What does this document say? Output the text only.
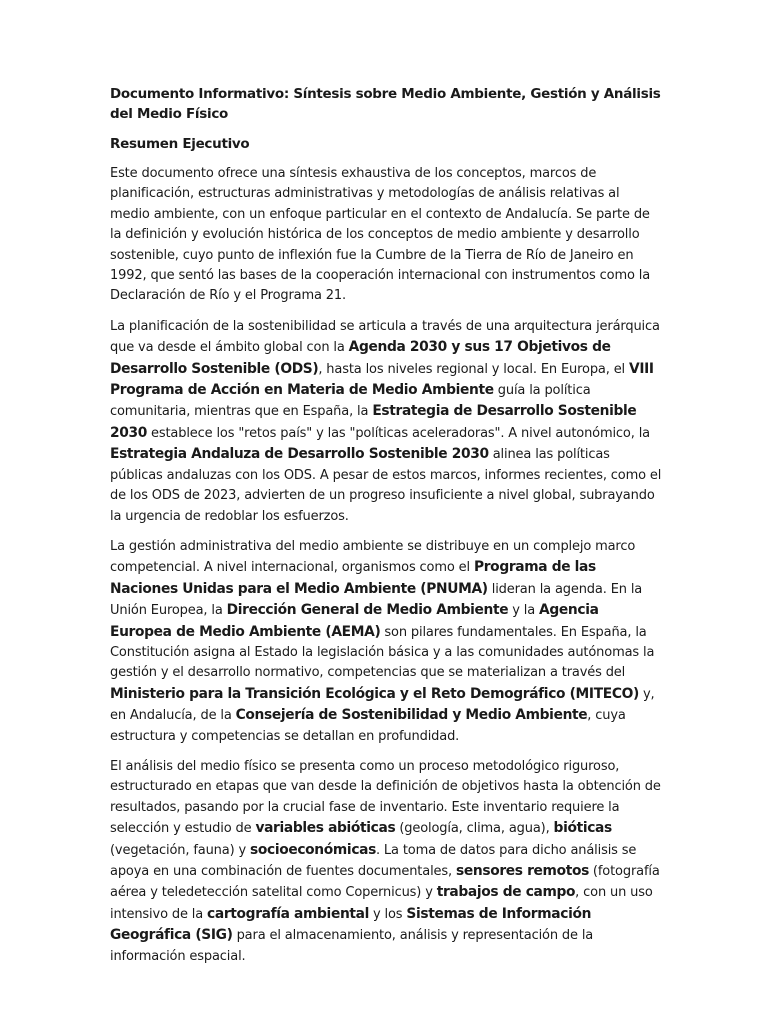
Documento Informativo: Síntesis sobre Medio Ambiente, Gestión y Análisis del Medio Físico
Resumen Ejecutivo

Este documento ofrece una síntesis exhaustiva de los conceptos, marcos de planificación, estructuras administrativas y metodologías de análisis relativas al medio ambiente, con un enfoque particular en el contexto de Andalucía. Se parte de la definición y evolución histórica de los conceptos de medio ambiente y desarrollo sostenible, cuyo punto de inflexión fue la Cumbre de la Tierra de Río de Janeiro en 1992, que sentó las bases de la cooperación internacional con instrumentos como la Declaración de Río y el Programa 21.

La planificación de la sostenibilidad se articula a través de una arquitectura jerárquica que va desde el ámbito global con la Agenda 2030 y sus 17 Objetivos de Desarrollo Sostenible (ODS), hasta los niveles regional y local. En Europa, el VIII Programa de Acción en Materia de Medio Ambiente guía la política comunitaria, mientras que en España, la Estrategia de Desarrollo Sostenible 2030 establece los "retos país" y las "políticas aceleradoras". A nivel autonómico, la Estrategia Andaluza de Desarrollo Sostenible 2030 alinea las políticas públicas andaluzas con los ODS. A pesar de estos marcos, informes recientes, como el de los ODS de 2023, advierten de un progreso insuficiente a nivel global, subrayando la urgencia de redoblar los esfuerzos.

La gestión administrativa del medio ambiente se distribuye en un complejo marco competencial. A nivel internacional, organismos como el Programa de las Naciones Unidas para el Medio Ambiente (PNUMA) lideran la agenda. En la Unión Europea, la Dirección General de Medio Ambiente y la Agencia Europea de Medio Ambiente (AEMA) son pilares fundamentales. En España, la Constitución asigna al Estado la legislación básica y a las comunidades autónomas la gestión y el desarrollo normativo, competencias que se materializan a través del Ministerio para la Transición Ecológica y el Reto Demográfico (MITECO) y, en Andalucía, de la Consejería de Sostenibilidad y Medio Ambiente, cuya estructura y competencias se detallan en profundidad.

El análisis del medio físico se presenta como un proceso metodológico riguroso, estructurado en etapas que van desde la definición de objetivos hasta la obtención de resultados, pasando por la crucial fase de inventario. Este inventario requiere la selección y estudio de variables abióticas (geología, clima, agua), bióticas (vegetación, fauna) y socioeconómicas. La toma de datos para dicho análisis se apoya en una combinación de fuentes documentales, sensores remotos (fotografía aérea y teledetección satelital como Copernicus) y trabajos de campo, con un uso intensivo de la cartografía ambiental y los Sistemas de Información Geográfica (SIG) para el almacenamiento, análisis y representación de la información espacial.
